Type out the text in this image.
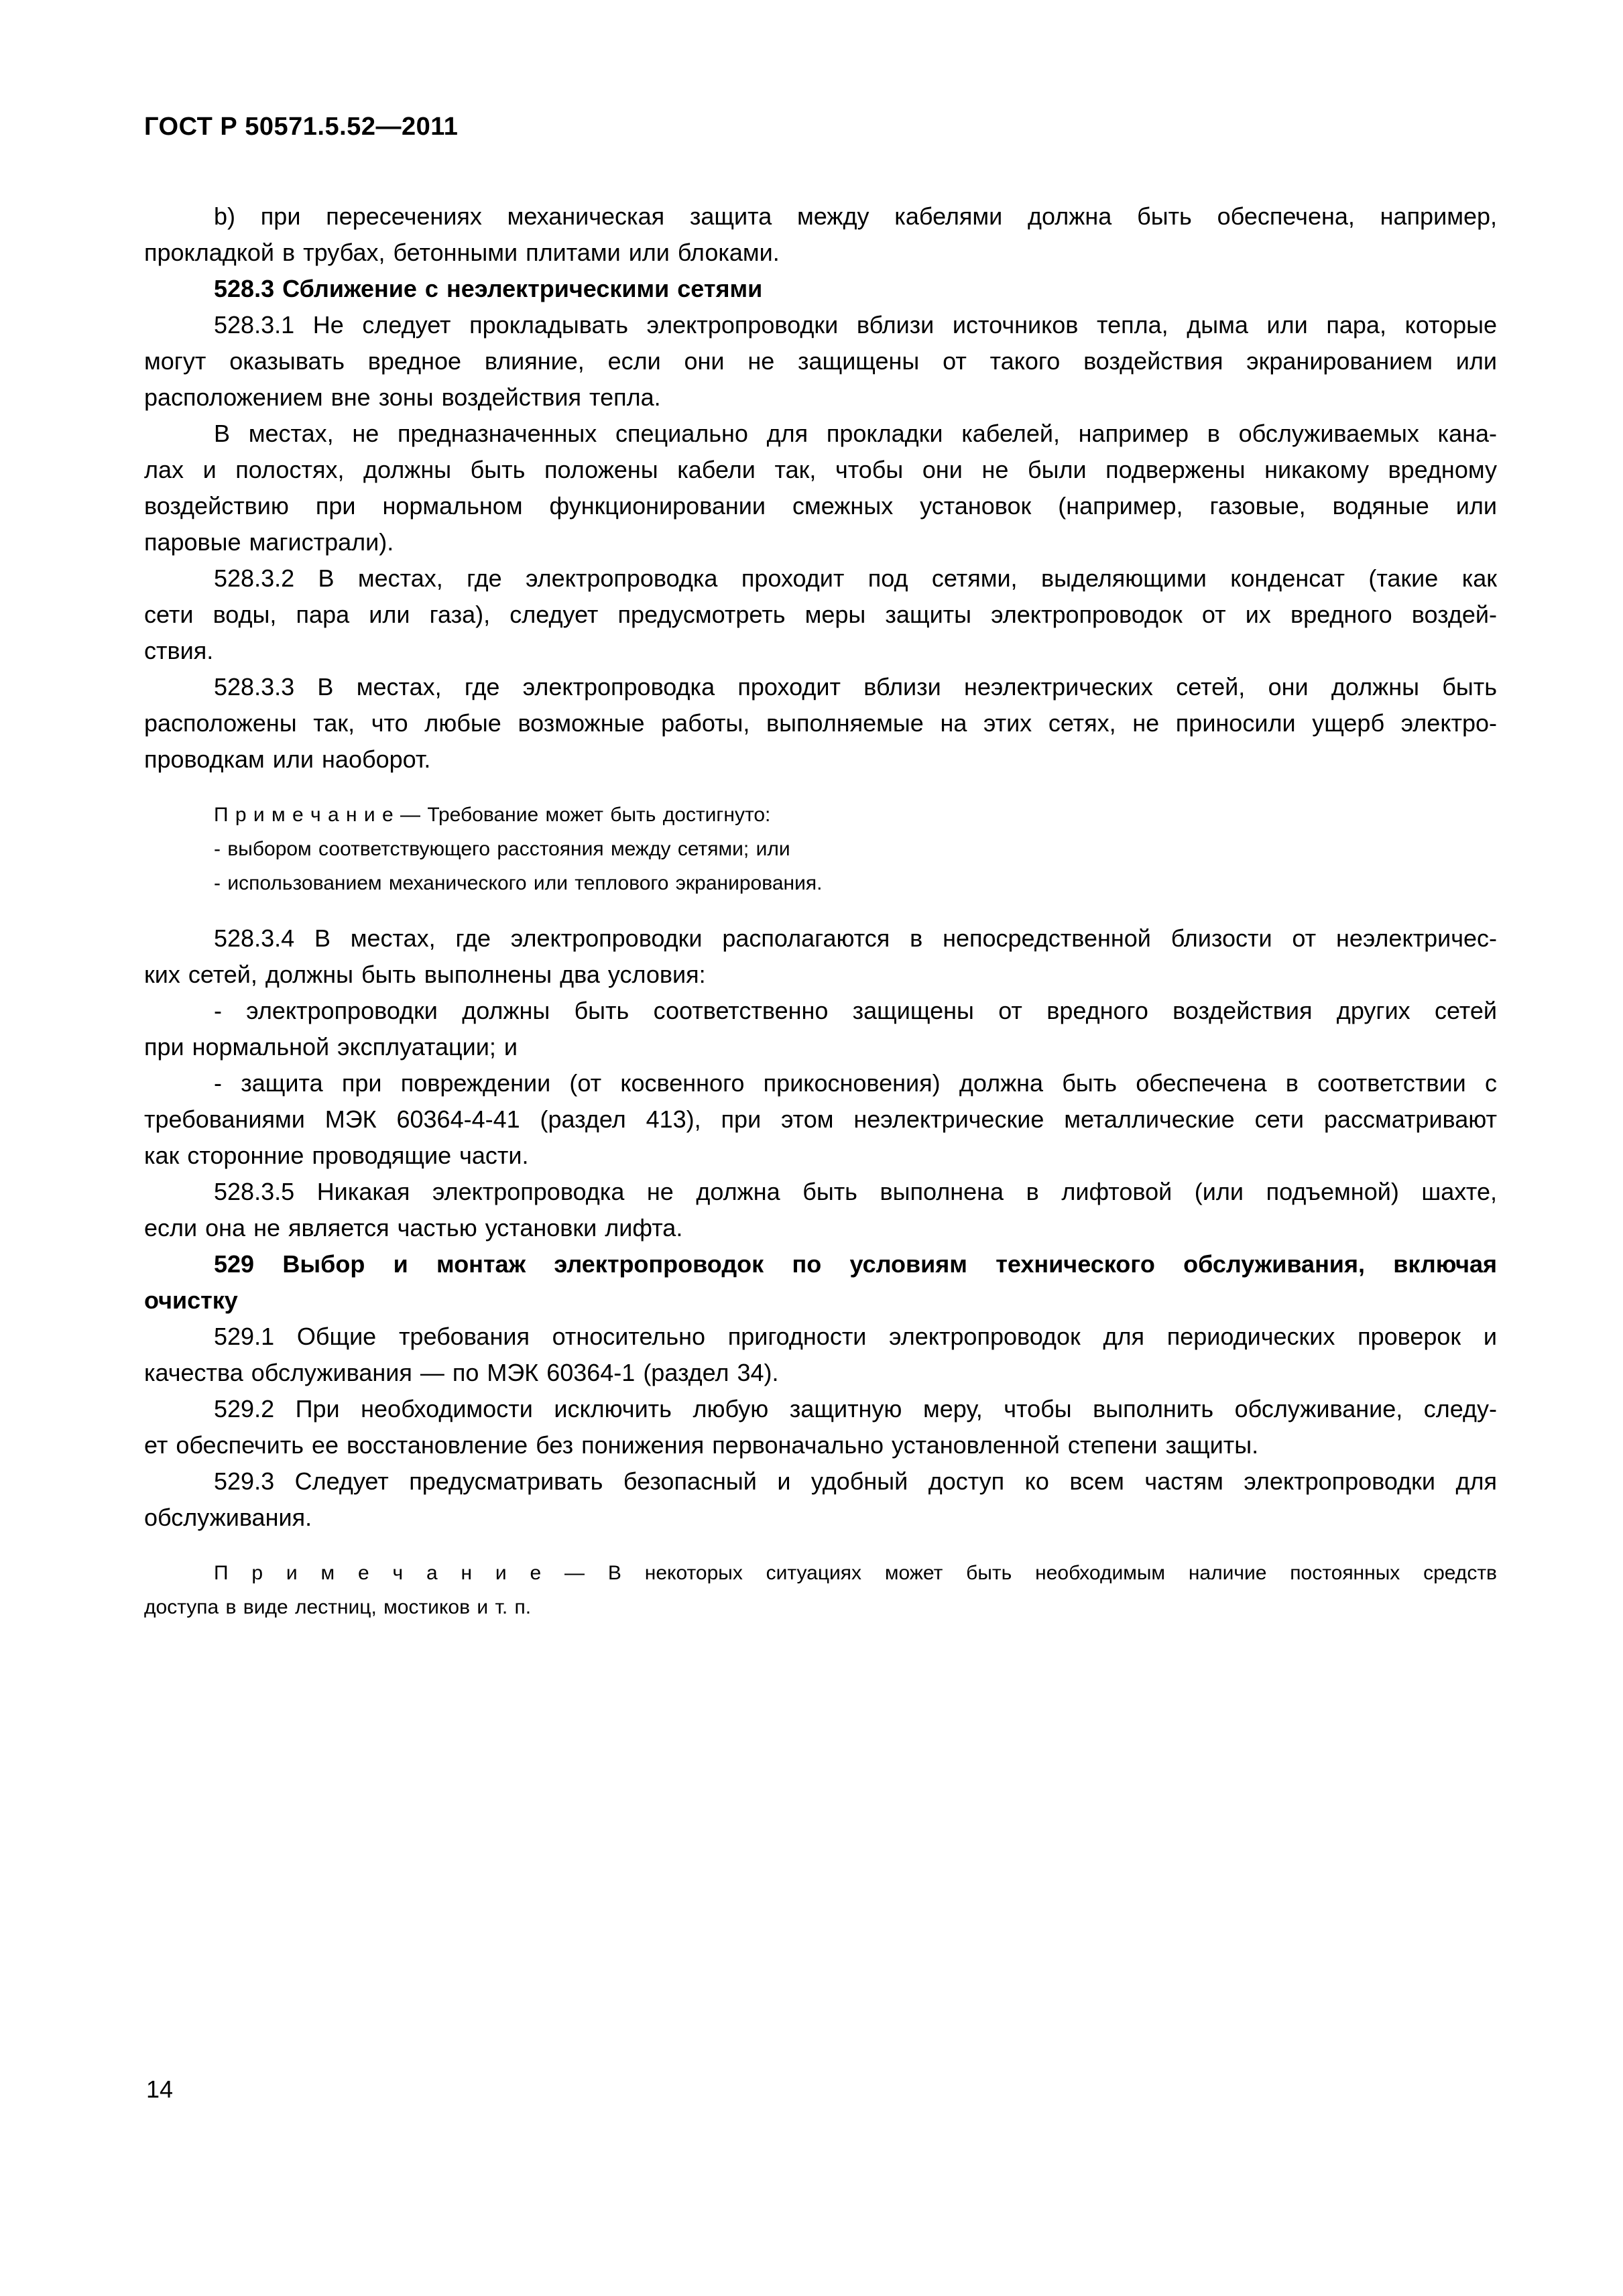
ГОСТ Р 50571.5.52—2011
b) при пересечениях механическая защита между кабелями должна быть обеспечена, например,
прокладкой в трубах, бетонными плитами или блоками.
528.3 Сближение с неэлектрическими сетями
528.3.1 Не следует прокладывать электропроводки вблизи источников тепла, дыма или пара, которые
могут оказывать вредное влияние, если они не защищены от такого воздействия экранированием или
расположением вне зоны воздействия тепла.
В местах, не предназначенных специально для прокладки кабелей, например в обслуживаемых кана-
лах и полостях, должны быть положены кабели так, чтобы они не были подвержены никакому вредному
воздействию при нормальном функционировании смежных установок (например, газовые, водяные или
паровые магистрали).
528.3.2 В местах, где электропроводка проходит под сетями, выделяющими конденсат (такие как
сети воды, пара или газа), следует предусмотреть меры защиты электропроводок от их вредного воздей-
ствия.
528.3.3 В местах, где электропроводка проходит вблизи неэлектрических сетей, они должны быть
расположены так, что любые возможные работы, выполняемые на этих сетях, не приносили ущерб электро-
проводкам или наоборот.
П р и м е ч а н и е — Требование может быть достигнуто:
- выбором соответствующего расстояния между сетями; или
- использованием механического или теплового экранирования.
528.3.4 В местах, где электропроводки располагаются в непосредственной близости от неэлектричес-
ких сетей, должны быть выполнены два условия:
- электропроводки должны быть соответственно защищены от вредного воздействия других сетей
при нормальной эксплуатации; и
- защита при повреждении (от косвенного прикосновения) должна быть обеспечена в соответствии с
требованиями МЭК 60364-4-41 (раздел 413), при этом неэлектрические металлические сети рассматривают
как сторонние проводящие части.
528.3.5 Никакая электропроводка не должна быть выполнена в лифтовой (или подъемной) шахте,
если она не является частью установки лифта.
529 Выбор и монтаж электропроводок по условиям технического обслуживания, включая
очистку
529.1 Общие требования относительно пригодности электропроводок для периодических проверок и
качества обслуживания — по МЭК 60364-1 (раздел 34).
529.2 При необходимости исключить любую защитную меру, чтобы выполнить обслуживание, следу-
ет обеспечить ее восстановление без понижения первоначально установленной степени защиты.
529.3 Следует предусматривать безопасный и удобный доступ ко всем частям электропроводки для
обслуживания.
П р и м е ч а н и е — В некоторых ситуациях может быть необходимым наличие постоянных средств
доступа в виде лестниц, мостиков и т. п.
14
